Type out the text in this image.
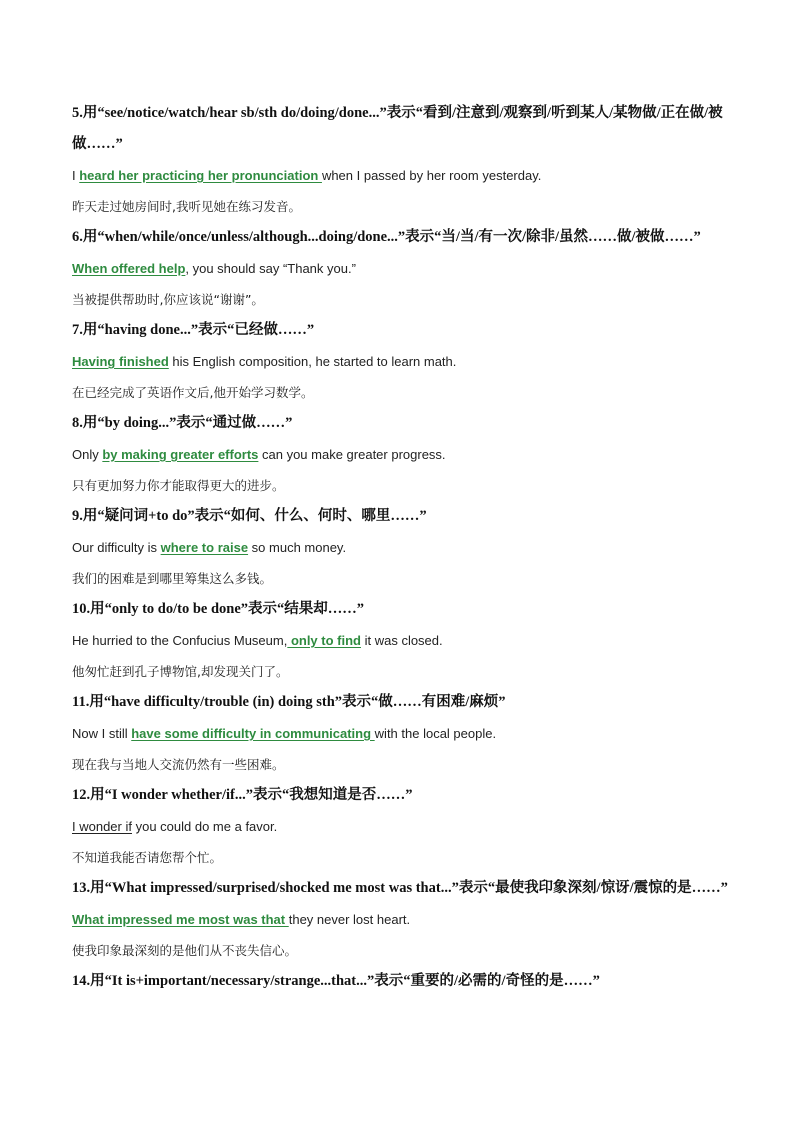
5.用“see/notice/watch/hear sb/sth do/doing/done...”表示“看到/注意到/观察到/听到某人/某物做/正在做/被做……”

I heard her practicing her pronunciation when I passed by her room yesterday.

昨天走过她房间时,我听见她在练习发音。

6.用“when/while/once/unless/although...doing/done...”表示“当/当/有一次/除非/虽然……做/被做……”

When offered help, you should say “Thank you.”

当被提供帮助时,你应该说“谢谢”。

7.用“having done...”表示“已经做……”

Having finished his English composition, he started to learn math.

在已经完成了英语作文后,他开始学习数学。

8.用“by doing...”表示“通过做……”

Only by making greater efforts can you make greater progress.

只有更加努力你才能取得更大的进步。

9.用“疑问词+to do”表示“如何、什么、何时、哪里……”

Our difficulty is where to raise so much money.

我们的困难是到哪里筹集这么多钱。

10.用“only to do/to be done”表示“结果却……”

He hurried to the Confucius Museum, only to find it was closed.

他匆忙赶到孔子博物馆,却发现关门了。

11.用“have difficulty/trouble (in) doing sth”表示“做……有困难/麻烦”

Now I still have some difficulty in communicating with the local people.

现在我与当地人交流仍然有一些困难。

12.用“I wonder whether/if...”表示“我想知道是否……”

I wonder if you could do me a favor.

不知道我能否请您帮个忙。

13.用“What impressed/surprised/shocked me most was that...”表示“最使我印象深刻/惊讶/震惊的是……”

What impressed me most was that they never lost heart.

使我印象最深刻的是他们从不丧失信心。

14.用“It is+important/necessary/strange...that...”表示“重要的/必需的/奇怪的是……”
